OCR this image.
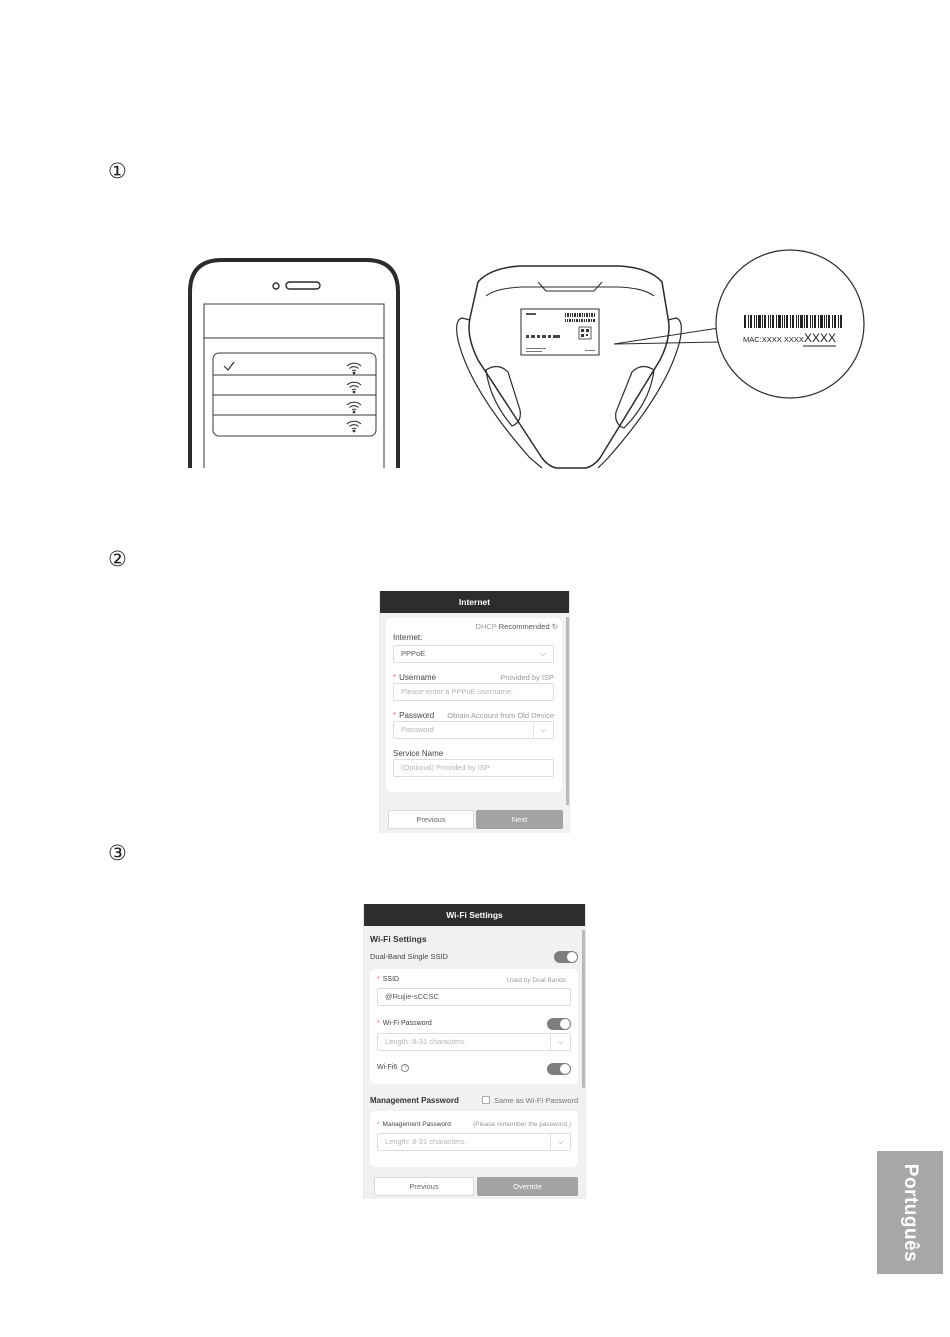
①
②
③
MAC:XXXX XXXX XXXX
Internet
DHCP Recommended ↻
Internet:
PPPoE	⌵
* Username	Provided by ISP
Please enter a PPPoE username.
* Password Obtain Account from Old Device
Password	⌵
Service Name
(Optional) Provided by ISP
Previous	Next
Wi-Fi Settings
Wi-Fi Settings
Dual-Band Single SSID
* SSID	Used by Dual Bands
@Ruijie-sCCSC
* Wi-Fi Password
Length: 8-31 characters.	⌵
Wi-Fi6 ?
Management Password	Same as Wi-Fi Password
* Management Password	(Please remember the password.)
Length: 8-31 characters.	⌵
Previous	Override	Português
